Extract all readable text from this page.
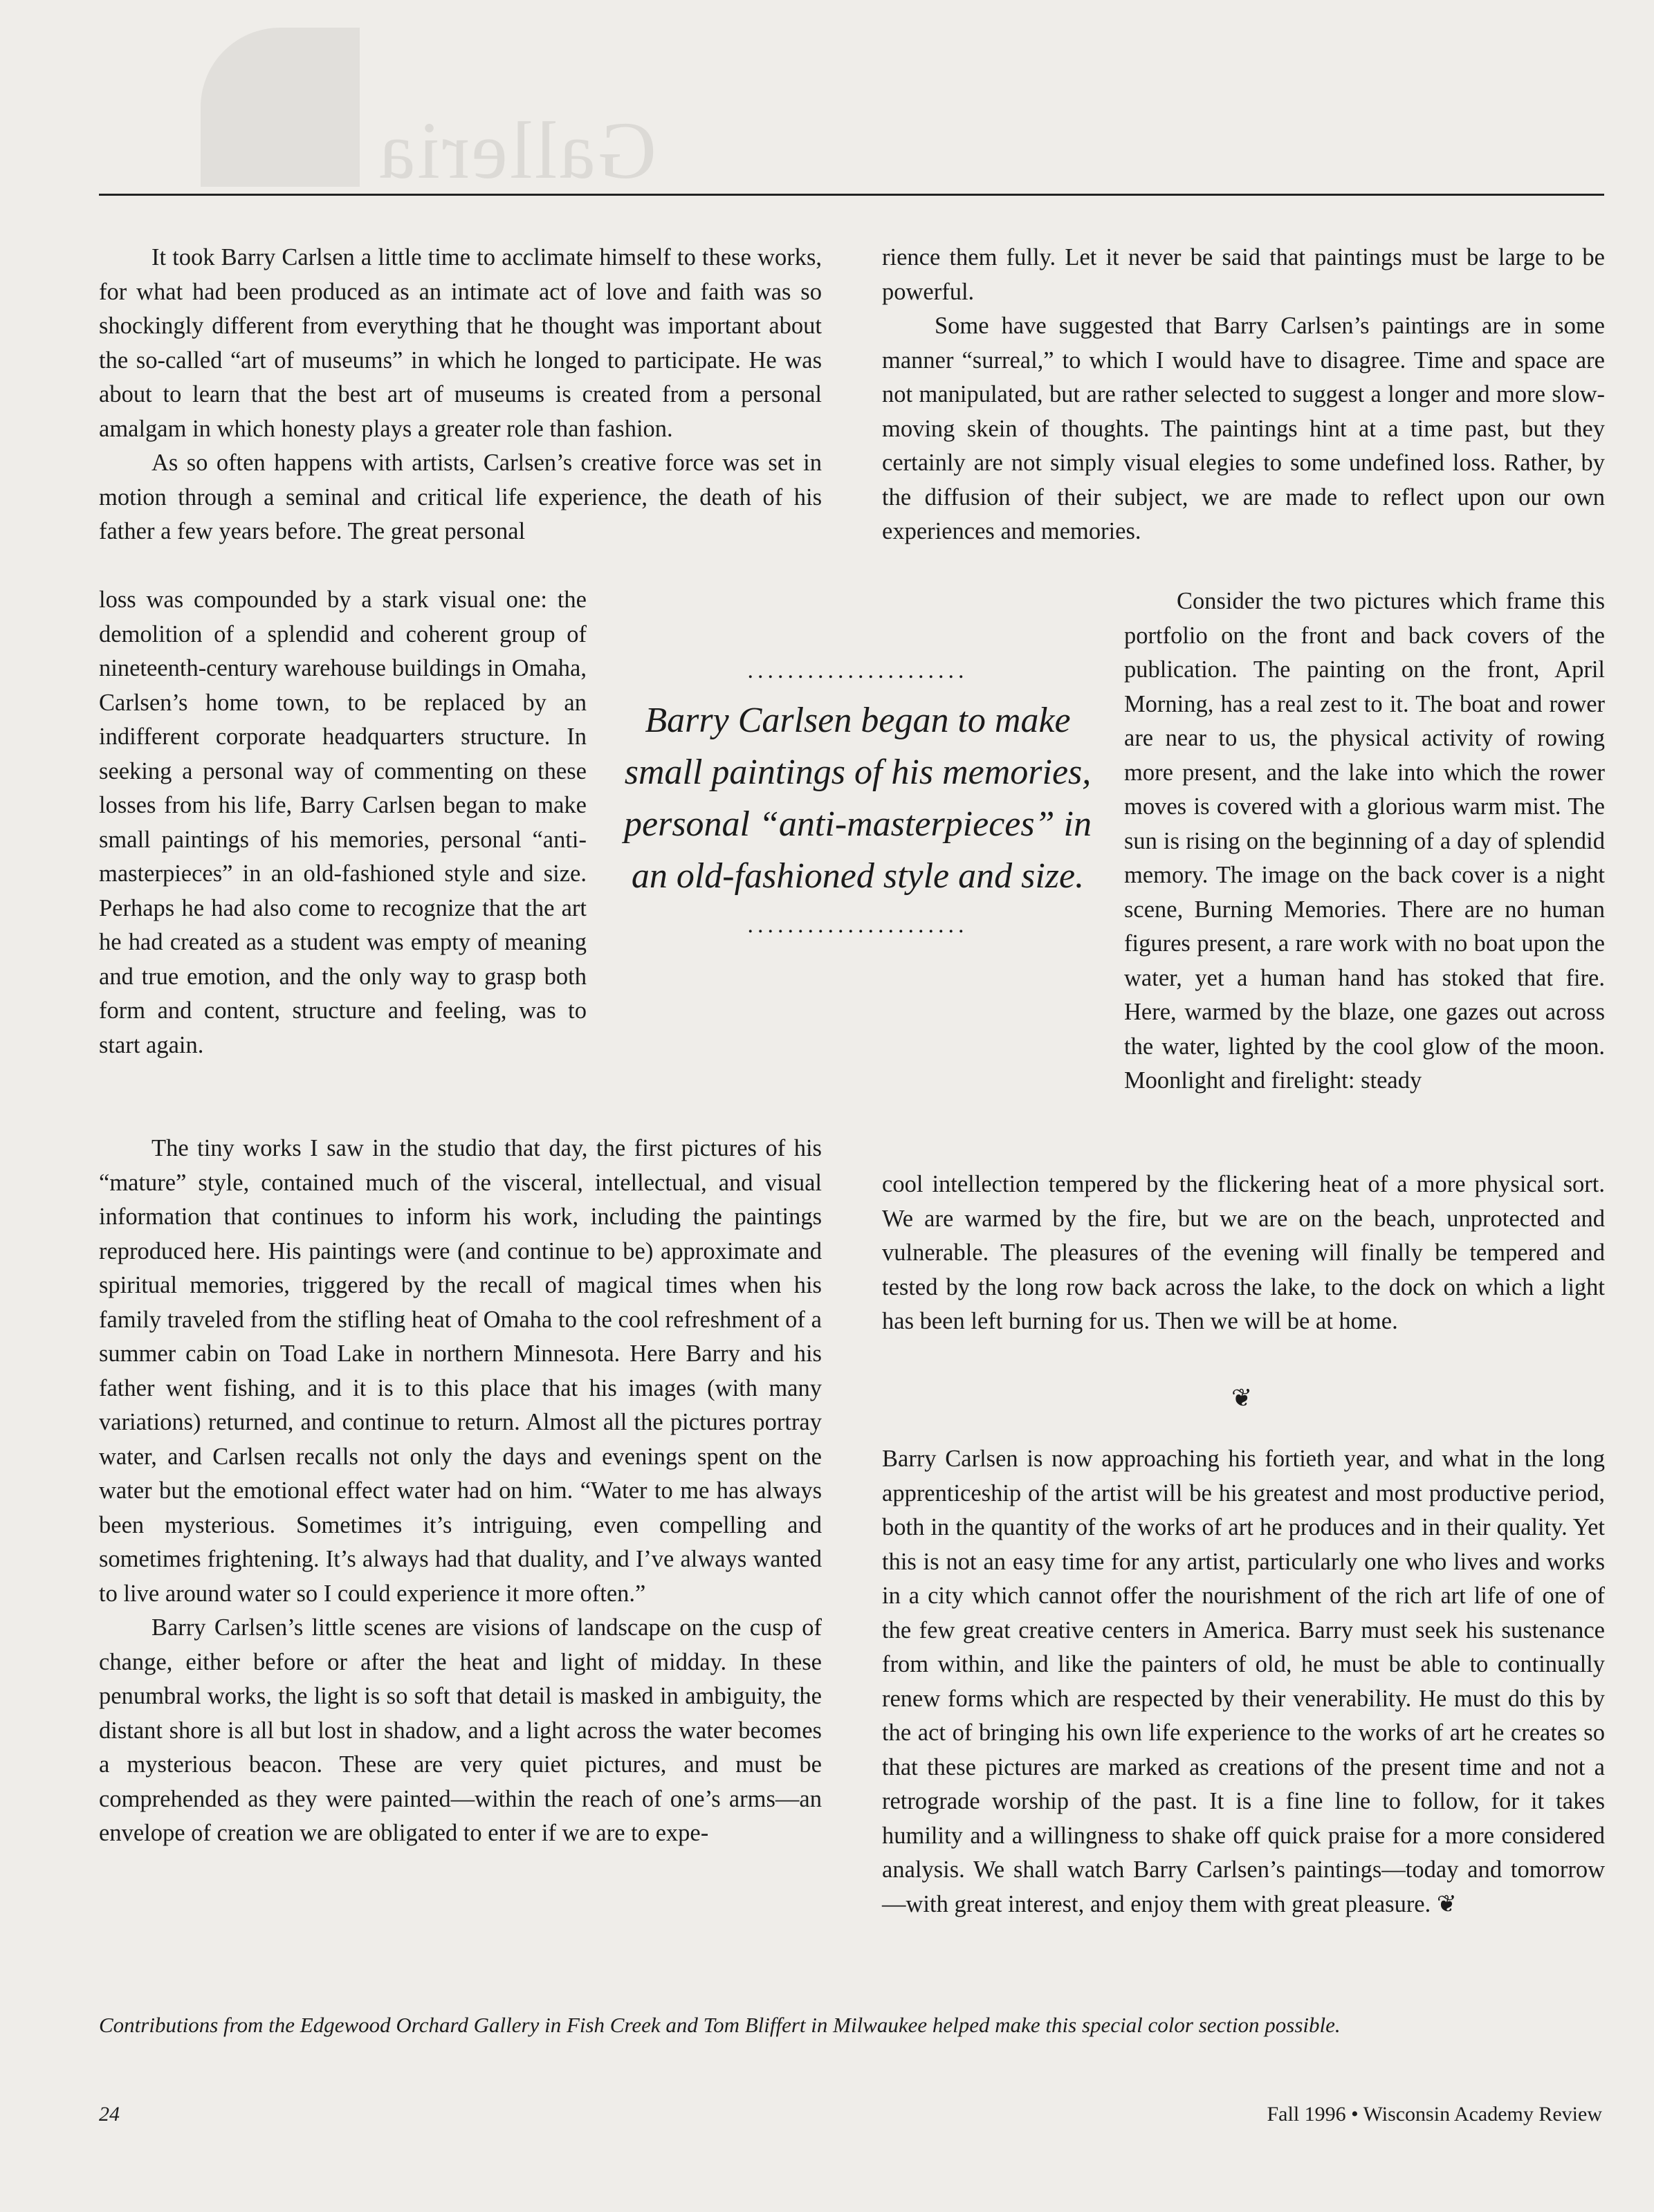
Galleria

It took Barry Carlsen a little time to acclimate himself to these works, for what had been produced as an intimate act of love and faith was so shockingly different from everything that he thought was important about the so-called “art of museums” in which he longed to participate. He was about to learn that the best art of museums is created from a personal amalgam in which honesty plays a greater role than fashion.

As so often happens with artists, Carlsen’s creative force was set in motion through a seminal and critical life experience, the death of his father a few years before. The great personal

loss was compounded by a stark visual one: the demolition of a splendid and coherent group of nineteenth-century warehouse buildings in Omaha, Carlsen’s home town, to be replaced by an indifferent corporate headquarters structure. In seeking a personal way of commenting on these losses from his life, Barry Carlsen began to make small paintings of his memories, personal “anti-masterpieces” in an old-fashioned style and size. Perhaps he had also come to recognize that the art he had created as a student was empty of meaning and true emotion, and the only way to grasp both form and content, structure and feeling, was to start again.

The tiny works I saw in the studio that day, the first pictures of his “mature” style, contained much of the visceral, intellectual, and visual information that continues to inform his work, including the paintings reproduced here. His paintings were (and continue to be) approximate and spiritual memories, triggered by the recall of magical times when his family traveled from the stifling heat of Omaha to the cool refreshment of a summer cabin on Toad Lake in northern Minnesota. Here Barry and his father went fishing, and it is to this place that his images (with many variations) returned, and continue to return. Almost all the pictures portray water, and Carlsen recalls not only the days and evenings spent on the water but the emotional effect water had on him. “Water to me has always been mysterious. Sometimes it’s intriguing, even compelling and sometimes frightening. It’s always had that duality, and I’ve always wanted to live around water so I could experience it more often.”

Barry Carlsen’s little scenes are visions of landscape on the cusp of change, either before or after the heat and light of midday. In these penumbral works, the light is so soft that detail is masked in ambiguity, the distant shore is all but lost in shadow, and a light across the water becomes a mysterious beacon. These are very quiet pictures, and must be comprehended as they were painted—within the reach of one’s arms—an envelope of creation we are obligated to enter if we are to expe-

rience them fully. Let it never be said that paintings must be large to be powerful.

Some have suggested that Barry Carlsen’s paintings are in some manner “surreal,” to which I would have to disagree. Time and space are not manipulated, but are rather selected to suggest a longer and more slow-moving skein of thoughts. The paintings hint at a time past, but they certainly are not simply visual elegies to some undefined loss. Rather, by the diffusion of their subject, we are made to reflect upon our own experiences and memories.

Consider the two pictures which frame this portfolio on the front and back covers of the publication. The painting on the front, April Morning, has a real zest to it. The boat and rower are near to us, the physical activity of rowing more present, and the lake into which the rower moves is covered with a glorious warm mist. The sun is rising on the beginning of a day of splendid memory. The image on the back cover is a night scene, Burning Memories. There are no human figures present, a rare work with no boat upon the water, yet a human hand has stoked that fire. Here, warmed by the blaze, one gazes out across the water, lighted by the cool glow of the moon. Moonlight and firelight: steady

cool intellection tempered by the flickering heat of a more physical sort. We are warmed by the fire, but we are on the beach, unprotected and vulnerable. The pleasures of the evening will finally be tempered and tested by the long row back across the lake, to the dock on which a light has been left burning for us. Then we will be at home.

❦

Barry Carlsen is now approaching his fortieth year, and what in the long apprenticeship of the artist will be his greatest and most productive period, both in the quantity of the works of art he produces and in their quality. Yet this is not an easy time for any artist, particularly one who lives and works in a city which cannot offer the nourishment of the rich art life of one of the few great creative centers in America. Barry must seek his sustenance from within, and like the painters of old, he must be able to continually renew forms which are respected by their venerability. He must do this by the act of bringing his own life experience to the works of art he creates so that these pictures are marked as creations of the present time and not a retrograde worship of the past. It is a fine line to follow, for it takes humility and a willingness to shake off quick praise for a more considered analysis. We shall watch Barry Carlsen’s paintings—today and tomorrow—with great interest, and enjoy them with great pleasure. ❦

......................
Barry Carlsen began to make small paintings of his memories, personal “anti-masterpieces” in an old-fashioned style and size.
......................
Contributions from the Edgewood Orchard Gallery in Fish Creek and Tom Bliffert in Milwaukee helped make this special color section possible.
24	Fall 1996 • Wisconsin Academy Review
